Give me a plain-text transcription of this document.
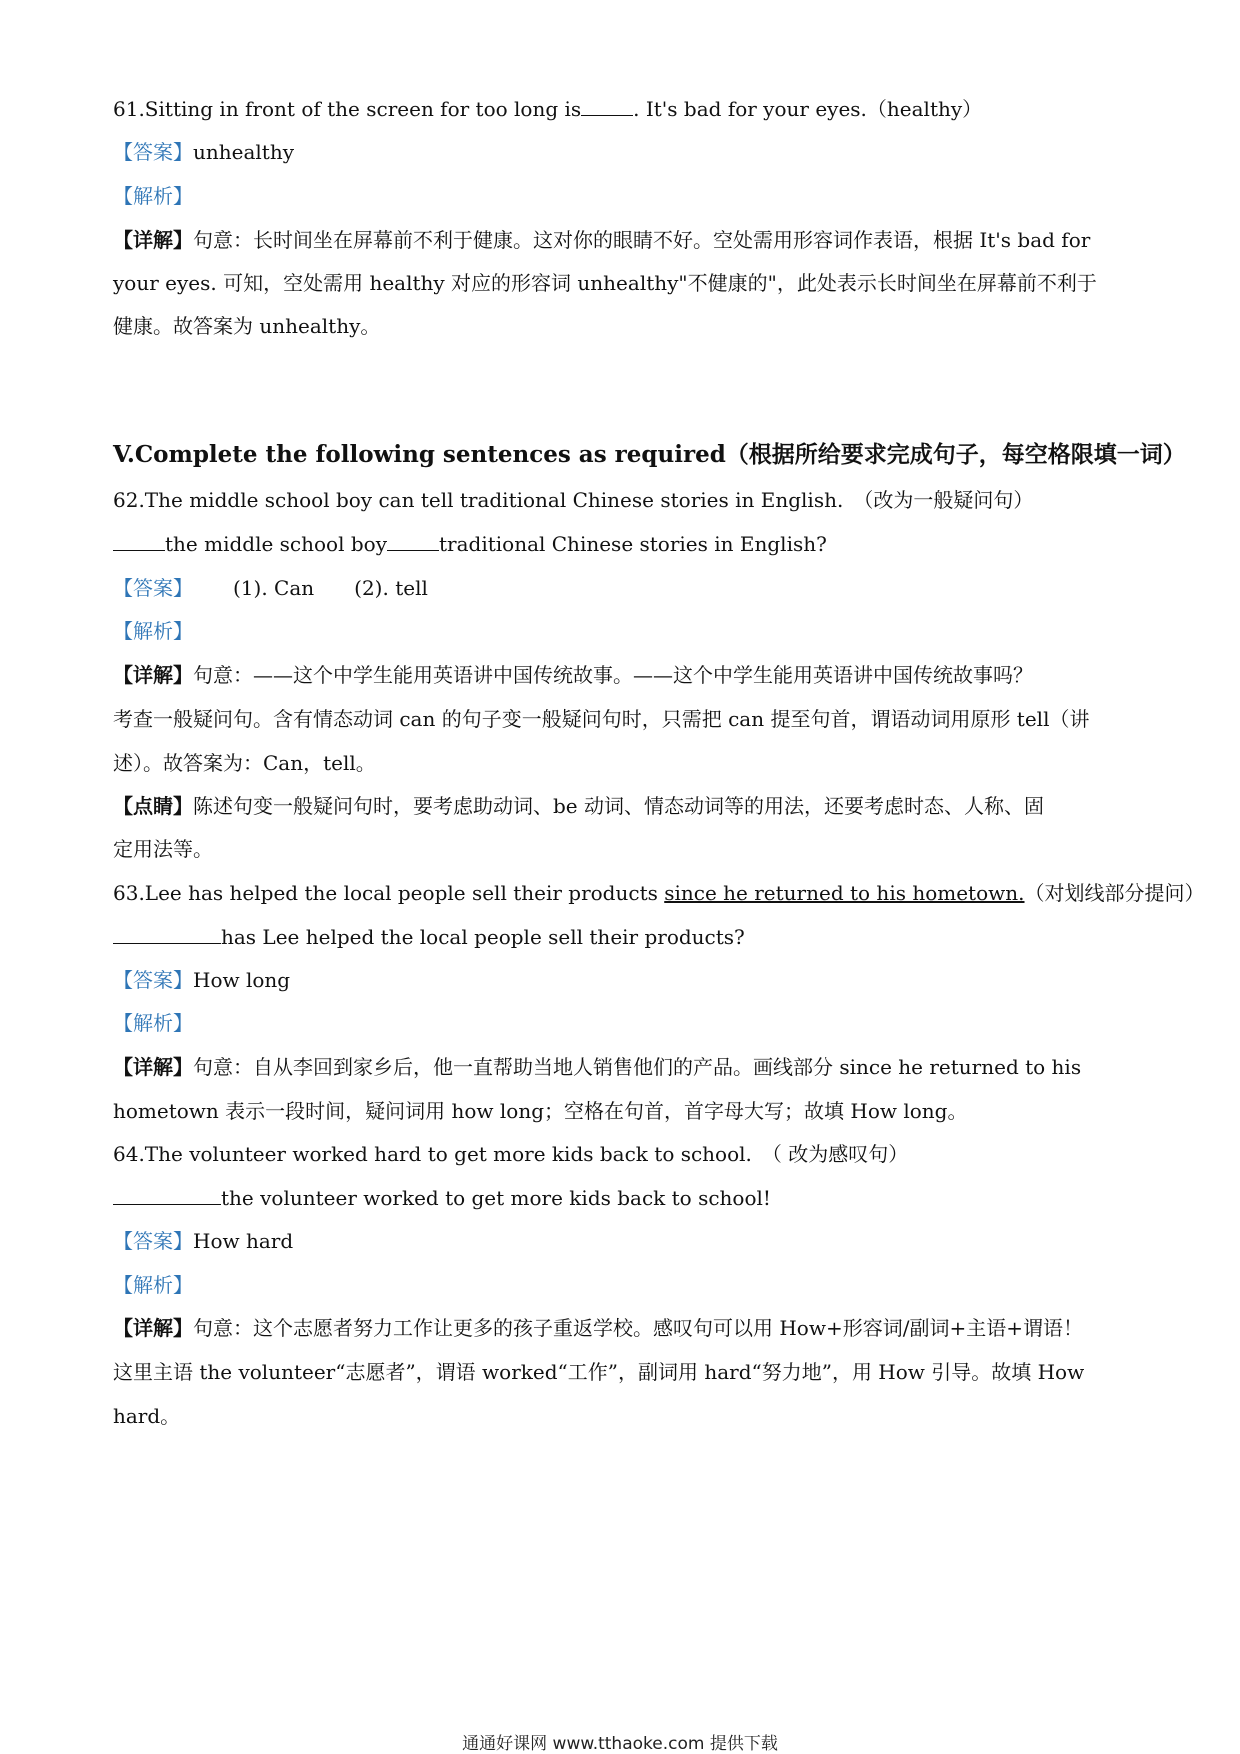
61.Sitting in front of the screen for too long is	. It's bad for your eyes.（healthy）
【答案】unhealthy
【解析】
【详解】句意：长时间坐在屏幕前不利于健康。这对你的眼睛不好。空处需用形容词作表语，根据 It's bad for
your eyes. 可知，空处需用 healthy 对应的形容词 unhealthy"不健康的"，此处表示长时间坐在屏幕前不利于
健康。故答案为 unhealthy。
V.Complete the following sentences as required（根据所给要求完成句子，每空格限填一词）
62.The middle school boy can tell traditional Chinese stories in English.　（改为一般疑问句）
the middle school boy	traditional Chinese stories in English?
【答案】 (1). Can (2). tell
【解析】
【详解】句意：——这个中学生能用英语讲中国传统故事。——这个中学生能用英语讲中国传统故事吗？
考查一般疑问句。含有情态动词 can 的句子变一般疑问句时，只需把 can 提至句首，谓语动词用原形 tell（讲
述）。故答案为：Can，tell。
【点睛】陈述句变一般疑问句时，要考虑助动词、be 动词、情态动词等的用法，还要考虑时态、人称、固
定用法等。
63.Lee has helped the local people sell their products since he returned to his hometown.（对划线部分提问）
has Lee helped the local people sell their products?
【答案】How long
【解析】
【详解】句意：自从李回到家乡后，他一直帮助当地人销售他们的产品。画线部分 since he returned to his
hometown 表示一段时间，疑问词用 how long；空格在句首，首字母大写；故填 How long。
64.The volunteer worked hard to get more kids back to school.　（ 改为感叹句）
the volunteer worked to get more kids back to school!
【答案】How hard
【解析】
【详解】句意：这个志愿者努力工作让更多的孩子重返学校。感叹句可以用 How+形容词/副词+主语+谓语！
这里主语 the volunteer“志愿者”，谓语 worked“工作”，副词用 hard“努力地”，用 How 引导。故填 How
hard。
通通好课网 www.tthaoke.com 提供下载
